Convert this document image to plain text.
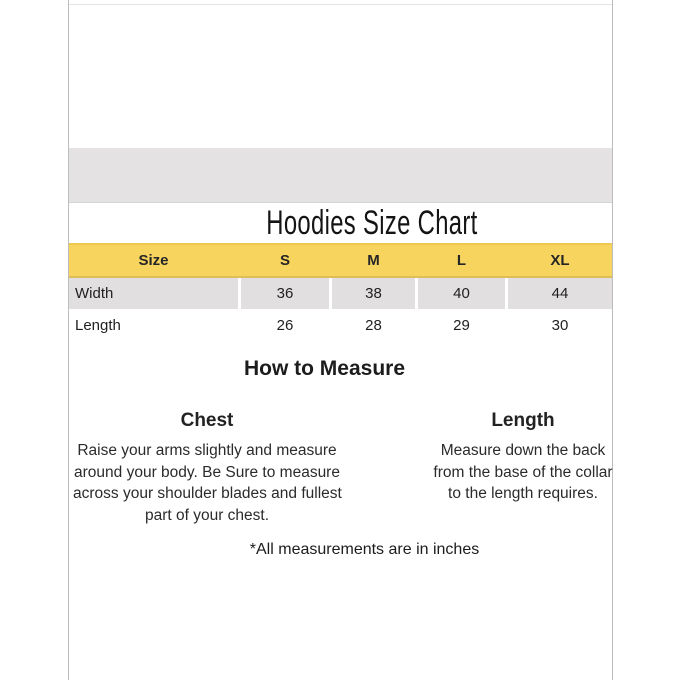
Hoodies Size Chart
Size	S	M	L	XL
Width	36	38	40	44
Length	26	28	29	30
How to Measure
Chest
Raise your arms slightly and measure
around your body. Be Sure to measure
across your shoulder blades and fullest
part of your chest.
Length
Measure down the back
from the base of the collar
to the length requires.
*All measurements are in inches
